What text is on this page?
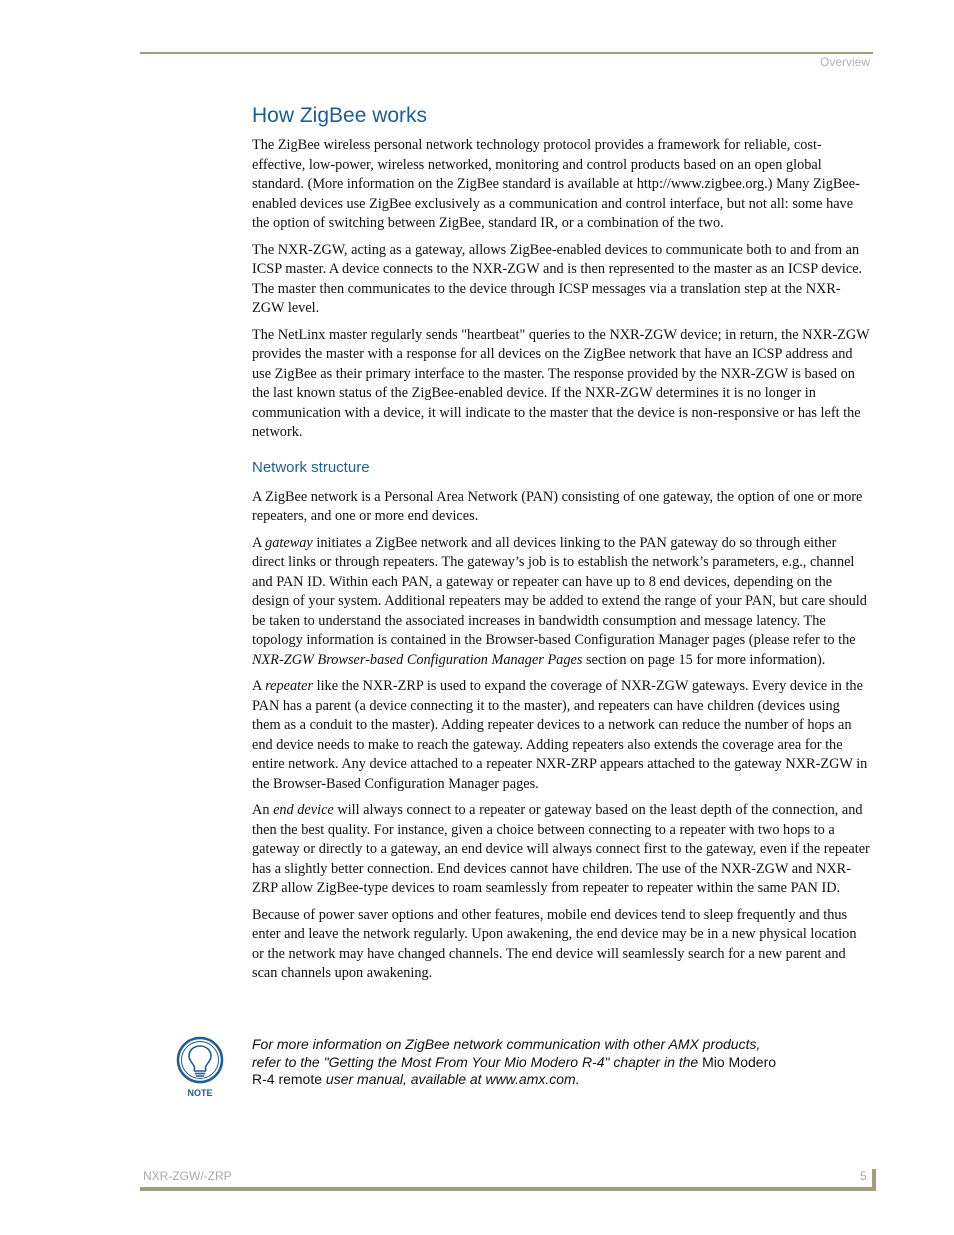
Overview
How ZigBee works

The ZigBee wireless personal network technology protocol provides a framework for reliable, cost-effective, low-power, wireless networked, monitoring and control products based on an open global standard. (More information on the ZigBee standard is available at http://www.zigbee.org.) Many ZigBee-enabled devices use ZigBee exclusively as a communication and control interface, but not all: some have the option of switching between ZigBee, standard IR, or a combination of the two.

The NXR-ZGW, acting as a gateway, allows ZigBee-enabled devices to communicate both to and from an ICSP master. A device connects to the NXR-ZGW and is then represented to the master as an ICSP device. The master then communicates to the device through ICSP messages via a translation step at the NXR-ZGW level.

The NetLinx master regularly sends "heartbeat" queries to the NXR-ZGW device; in return, the NXR-ZGW provides the master with a response for all devices on the ZigBee network that have an ICSP address and use ZigBee as their primary interface to the master. The response provided by the NXR-ZGW is based on the last known status of the ZigBee-enabled device. If the NXR-ZGW determines it is no longer in communication with a device, it will indicate to the master that the device is non-responsive or has left the network.

Network structure

A ZigBee network is a Personal Area Network (PAN) consisting of one gateway, the option of one or more repeaters, and one or more end devices.

A gateway initiates a ZigBee network and all devices linking to the PAN gateway do so through either direct links or through repeaters. The gateway’s job is to establish the network’s parameters, e.g., channel and PAN ID. Within each PAN, a gateway or repeater can have up to 8 end devices, depending on the design of your system. Additional repeaters may be added to extend the range of your PAN, but care should be taken to understand the associated increases in bandwidth consumption and message latency. The topology information is contained in the Browser-based Configuration Manager pages (please refer to the NXR-ZGW Browser-based Configuration Manager Pages section on page 15 for more information).

A repeater like the NXR-ZRP is used to expand the coverage of NXR-ZGW gateways. Every device in the PAN has a parent (a device connecting it to the master), and repeaters can have children (devices using them as a conduit to the master). Adding repeater devices to a network can reduce the number of hops an end device needs to make to reach the gateway. Adding repeaters also extends the coverage area for the entire network. Any device attached to a repeater NXR-ZRP appears attached to the gateway NXR-ZGW in the Browser-Based Configuration Manager pages.

An end device will always connect to a repeater or gateway based on the least depth of the connection, and then the best quality. For instance, given a choice between connecting to a repeater with two hops to a gateway or directly to a gateway, an end device will always connect first to the gateway, even if the repeater has a slightly better connection. End devices cannot have children. The use of the NXR-ZGW and NXR-ZRP allow ZigBee-type devices to roam seamlessly from repeater to repeater within the same PAN ID.

Because of power saver options and other features, mobile end devices tend to sleep frequently and thus enter and leave the network regularly. Upon awakening, the end device may be in a new physical location or the network may have changed channels. The end device will seamlessly search for a new parent and scan channels upon awakening.

NOTE
For more information on ZigBee network communication with other AMX products, refer to the "Getting the Most From Your Mio Modero R-4" chapter in the Mio Modero R-4 remote user manual, available at www.amx.com.
NXR-ZGW/-ZRP	5
